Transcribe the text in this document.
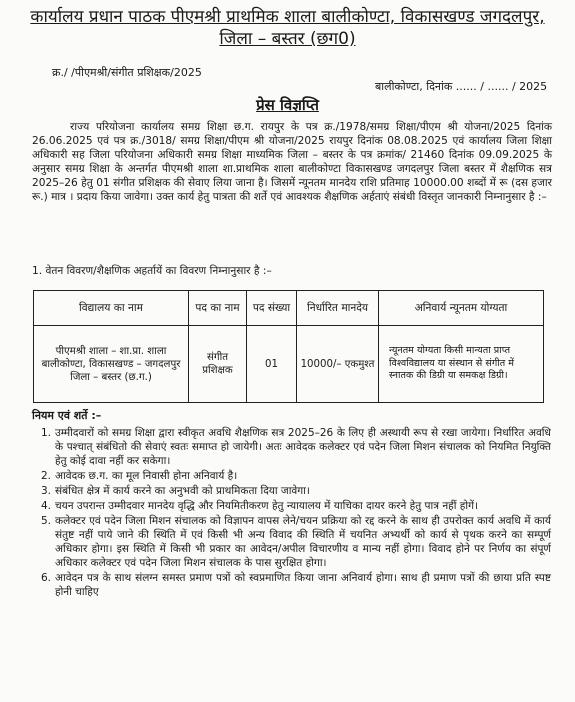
कार्यालय प्रधान पाठक पीएमश्री प्राथमिक शाला बालीकोण्टा, विकासखण्ड जगदलपुर,
जिला – बस्तर (छग0)
क्र./ /पीएमश्री/संगीत प्रशिक्षक/2025
बालीकोण्टा, दिनांक ...... / ...... / 2025
प्रेस विज्ञप्ति

राज्य परियोजना कार्यालय समग्र शिक्षा छ.ग. रायपुर के पत्र क्र./1978/समग्र शिक्षा/पीएम श्री योजना/2025 दिनांक 26.06.2025 एवं पत्र क्र./3018/ समग्र शिक्षा/पीएम श्री योजना/2025 रायपुर दिनांक 08.08.2025 एवं कार्यालय जिला शिक्षा अधिकारी सह जिला परियोजना अधिकारी समग्र शिक्षा माध्यमिक जिला – बस्तर के पत्र क्रमांक/ 21460 दिनांक 09.09.2025 के अनुसार समग्र शिक्षा के अन्तर्गत पीएमश्री शाला शा.प्राथमिक शाला बालीकोण्टा विकासखण्ड जगदलपुर जिला बस्तर में शैक्षणिक सत्र 2025–26 हेतु 01 संगीत प्रशिक्षक की सेवाए लिया जाना है। जिसमें न्यूनतम मानदेय राशि प्रतिमाह 10000.00 शब्दों में रू (दस हजार रू.) मात्र । प्रदाय किया जावेगा। उक्त कार्य हेतु पात्रता की शर्ते एवं आवश्यक शैक्षणिक अर्हताएं संबंधी विस्तृत जानकारी निम्नानुसार है :–

1. वेतन विवरण/शैक्षणिक अहर्तायें का विवरण निम्नानुसार है :–
विद्यालय का नाम	पद का नाम	पद संख्या	निर्धारित मानदेय	अनिवार्य न्यूनतम योग्यता
पीएमश्री शाला – शा.प्रा. शाला बालीकोण्टा, विकासखण्ड – जगदलपुर जिला – बस्तर (छ.ग.)	संगीत प्रशिक्षक	01	10000/– एकमुश्त	न्यूनतम योग्यता किसी मान्यता प्राप्त विश्वविद्यालय या संस्थान से संगीत में स्नातक की डिग्री या समकक्ष डिग्री।
नियम एवं शर्ते :–
1. उम्मीदवारों को समग्र शिक्षा द्वारा स्वीकृत अवधि शैक्षणिक सत्र 2025–26 के लिए ही अस्थायी रूप से रखा जायेगा। निर्धारित अवधि के पश्चात् संबंधितो की सेवाएं स्वतः समाप्त हो जायेगी। अतः आवेदक कलेक्टर एवं पदेन जिला मिशन संचालक को नियमित नियुक्ति हेतु कोई दावा नहीं कर सकेगा।
2. आवेदक छ.ग. का मूल निवासी होना अनिवार्य है।
3. संबंधित क्षेत्र में कार्य करने का अनुभवी को प्राथमिकता दिया जावेगा।
4. चयन उपरान्त उम्मीदवार मानदेय वृद्धि और नियमितीकरण हेतु न्यायालय में याचिका दायर करने हेतु पात्र नहीं होगें।
5. कलेक्टर एवं पदेन जिला मिशन संचालक को विज्ञापन वापस लेने/चयन प्रक्रिया को रद्द करने के साथ ही उपरोक्त कार्य अवधि में कार्य संतुष्ट नहीं पाये जाने की स्थिति में एवं किसी भी अन्य विवाद की स्थिति में चयनित अभ्यर्थी को कार्य से पृथक करने का सम्पूर्ण अधिकार होगा। इस स्थिति में किसी भी प्रकार का आवेदन/अपील विचारणीय व मान्य नहीं होगा। विवाद होने पर निर्णय का संपूर्ण अधिकार कलेक्टर एवं पदेन जिला मिशन संचालक के पास सुरक्षित होगा।
6. आवेदन पत्र के साथ संलग्न समस्त प्रमाण पत्रों को स्वप्रमाणित किया जाना अनिवार्य होगा। साथ ही प्रमाण पत्रों की छाया प्रति स्पष्ट होनी चाहिए
